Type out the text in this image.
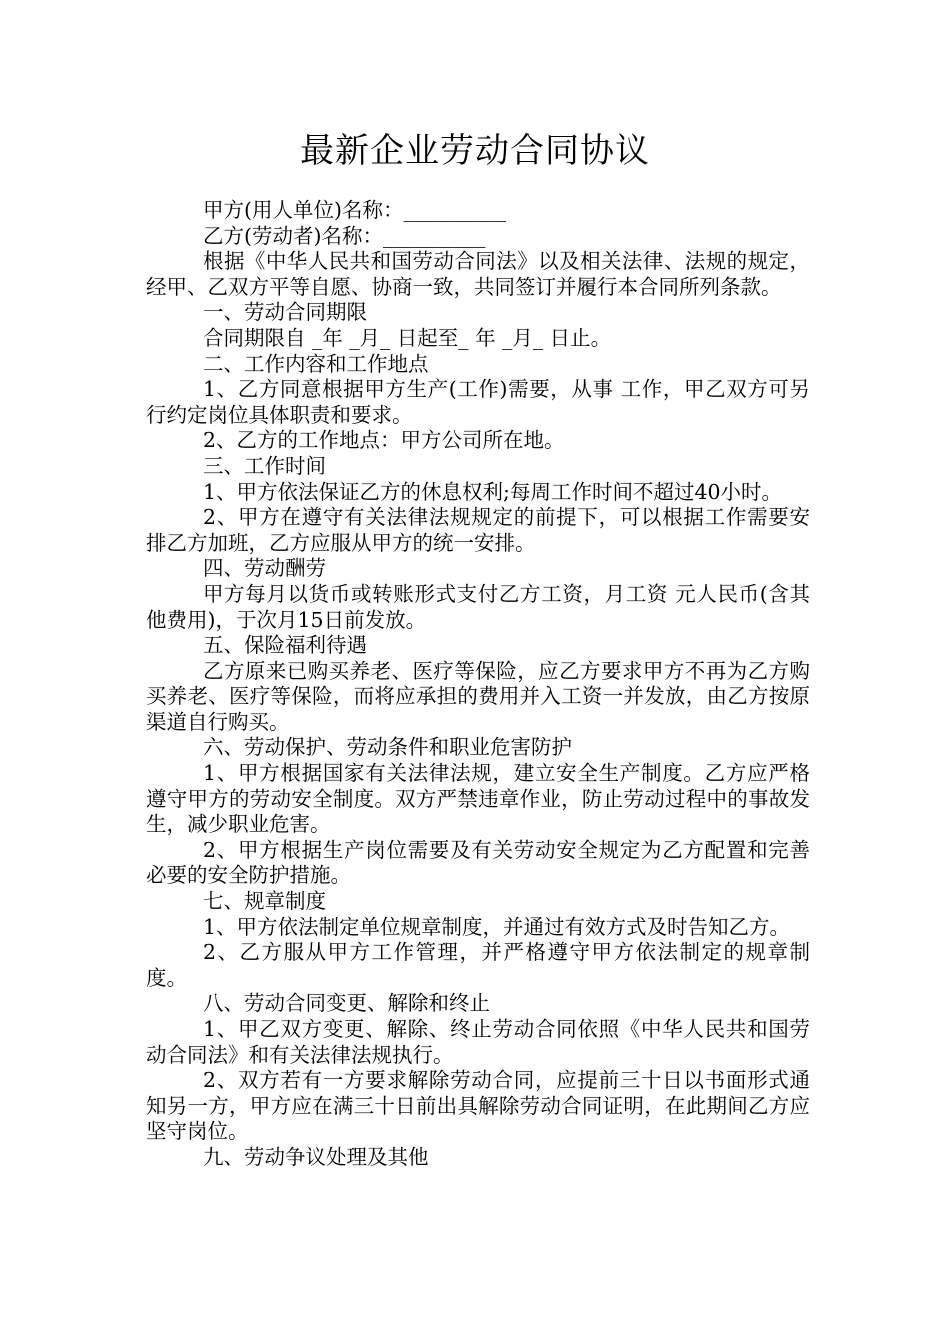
最新企业劳动合同协议

甲方(用人单位)名称：__________

乙方(劳动者)名称：__________

根据《中华人民共和国劳动合同法》以及相关法律、法规的规定，经甲、乙双方平等自愿、协商一致，共同签订并履行本合同所列条款。

一、劳动合同期限

合同期限自 _年 _月_ 日起至_ 年 _月_ 日止。

二、工作内容和工作地点

1、乙方同意根据甲方生产(工作)需要，从事 工作，甲乙双方可另行约定岗位具体职责和要求。

2、乙方的工作地点：甲方公司所在地。

三、工作时间

1、甲方依法保证乙方的休息权利;每周工作时间不超过40小时。

2、甲方在遵守有关法律法规规定的前提下，可以根据工作需要安排乙方加班，乙方应服从甲方的统一安排。

四、劳动酬劳

甲方每月以货币或转账形式支付乙方工资，月工资 元人民币(含其他费用)，于次月15日前发放。

五、保险福利待遇

乙方原来已购买养老、医疗等保险，应乙方要求甲方不再为乙方购买养老、医疗等保险，而将应承担的费用并入工资一并发放，由乙方按原渠道自行购买。

六、劳动保护、劳动条件和职业危害防护

1、甲方根据国家有关法律法规，建立安全生产制度。乙方应严格遵守甲方的劳动安全制度。双方严禁违章作业，防止劳动过程中的事故发生，减少职业危害。

2、甲方根据生产岗位需要及有关劳动安全规定为乙方配置和完善必要的安全防护措施。

七、规章制度

1、甲方依法制定单位规章制度，并通过有效方式及时告知乙方。

2、乙方服从甲方工作管理，并严格遵守甲方依法制定的规章制度。

八、劳动合同变更、解除和终止

1、甲乙双方变更、解除、终止劳动合同依照《中华人民共和国劳动合同法》和有关法律法规执行。

2、双方若有一方要求解除劳动合同，应提前三十日以书面形式通知另一方，甲方应在满三十日前出具解除劳动合同证明，在此期间乙方应坚守岗位。

九、劳动争议处理及其他
